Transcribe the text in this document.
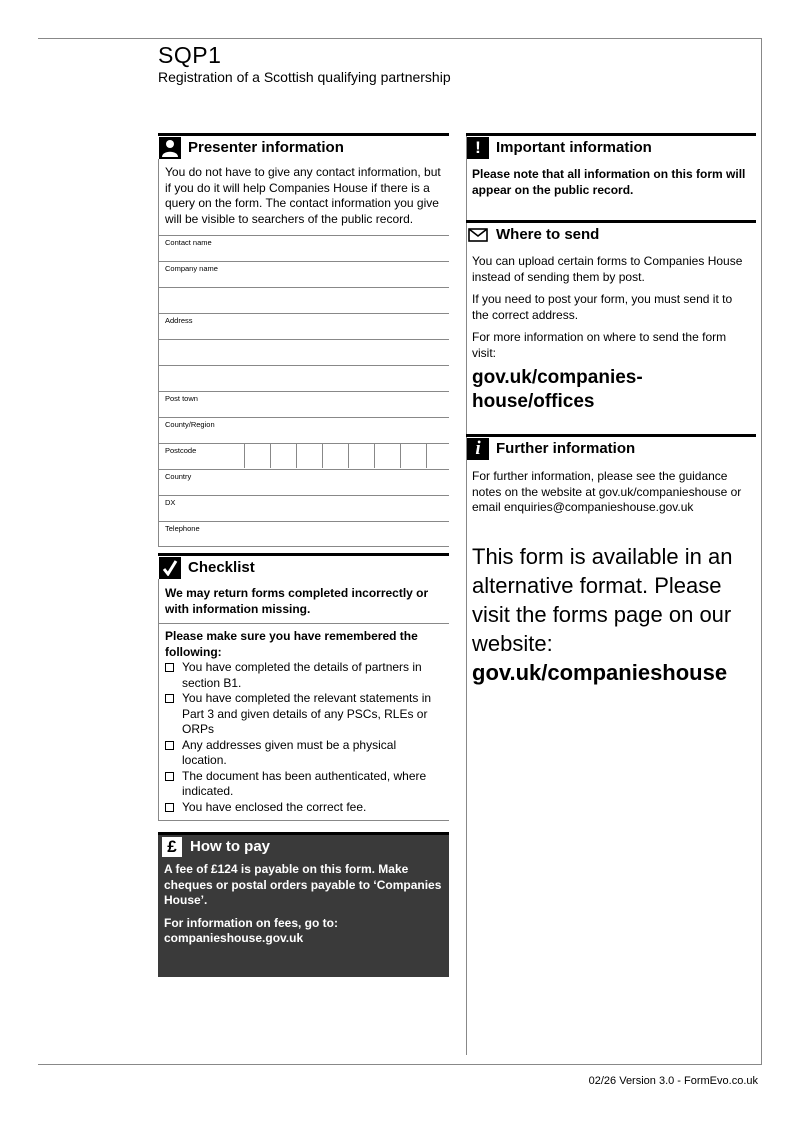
SQP1
Registration of a Scottish qualifying partnership
Presenter information

You do not have to give any contact information, but if you do it will help Companies House if there is a query on the form. The contact information you give will be visible to searchers of the public record.

Contact name
Company name
Address
Post town
County/Region
Postcode
Country
DX
Telephone
Checklist
We may return forms completed incorrectly or with information missing.
Please make sure you have remembered the following:
You have completed the details of partners in section B1.
You have completed the relevant statements in Part 3 and given details of any PSCs, RLEs or ORPs
Any addresses given must be a physical location.
The document has been authenticated, where indicated.
You have enclosed the correct fee.
£ How to pay

A fee of £124 is payable on this form. Make cheques or postal orders payable to ‘Companies House’.

For information on fees, go to:

companieshouse.gov.uk
!	Important information
Please note that all information on this form will appear on the public record.
Where to send

You can upload certain forms to Companies House instead of sending them by post.

If you need to post your form, you must send it to the correct address.

For more information on where to send the form visit:

gov.uk/companies-house/offices
i	Further information
For further information, please see the guidance notes on the website at gov.uk/companieshouse or email enquiries@companieshouse.gov.uk
This form is available in an alternative format. Please visit the forms page on our website:
gov.uk/companieshouse
02/26 Version 3.0 - FormEvo.co.uk
